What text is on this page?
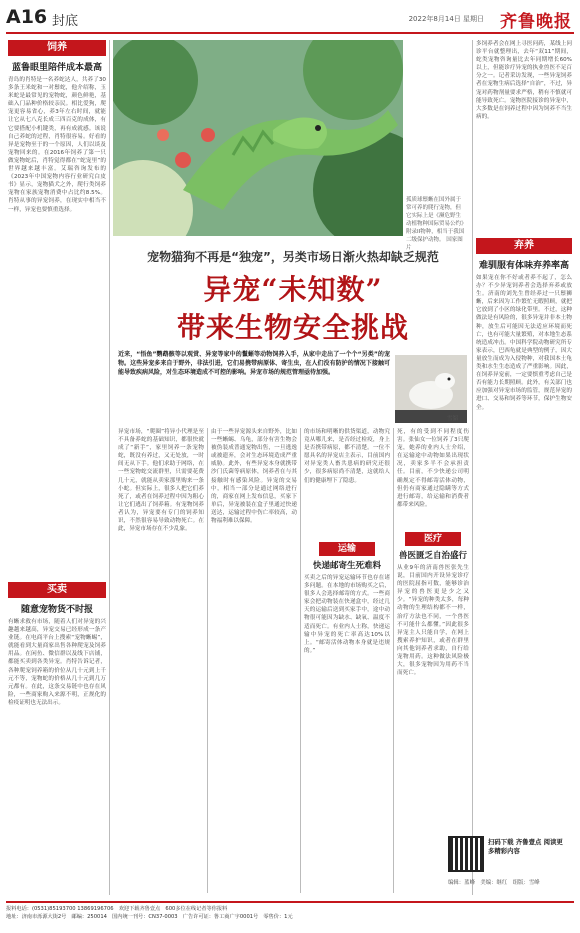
A16 封底	2022年8月14日 星期日 齐鲁晚报
饲养
蓝鲁眼里陪伴成本最高
青岛的肖特是一名养蛇达人，共养了30多条王米蛇和一对鬃蛇，他介绍称，玉米蛇是最常见的宠物蛇，颜色鲜艳，基础入门品种价格较亲民。相比爱狗，爬宠更容易省心，养3年左右时间，就能让它从七八克长成三四百克的成体，有它要搭配小机键类，再有成就感。该说自己养蛇的过程，肖特很容易。好看的异是宠物至于的一个原因，人们以谈及宠物回来的。在2016年饲养了第一只做宠物蛇后，肖特觉得都在“蛇宠里”的世界越来越丰富。艾瑞咨询发布的《2023年中国宠物内容行业研究白皮书》显示，宠物猫犬之外，爬行类饲养宠物在家族宠物消费中占比约8.5%。肖特从事的异宠饲养，在现实中相当不一样，异宠也要慎重选择。
买卖
随意宠物货不时报
有蜥求救有市场，随着人们对异宠的兴趣越来越高，异宠交易已经形成一条产业链。在电商平台上搜索“宠物蜥蜴”，就能看到大量商家出售各种爬宠及饲养用品。在闲鱼、微信群以及线下店铺，都能买卖到各类异宠。肖特告诉记者，各种爬宠饲养箱的价位从几十元到上千元不等，宠物蛇的价格从几十元到几万元都有。在此，这条交易链中也存在风险，一些商家购入来源不明，正规化的检疫证明也无法出示。
孤质球鬃蜥在国外属于常可养的爬行宠物，但它实际上是《濒危野生动植物种国际贸易公约》附录II物种，相当于我国二级保护动物。 国家图片
宠物猫狗不再是“独宠”，另类市场日渐火热却缺乏规范
异宠“未知数”
带来生物安全挑战
近来，“悟鱼”鹦鹉骸等以观赏、异宠等家中的鬣蜥等动物饲养入手，从家中走出了一个个“另类”的宠物。这些异宠多来自于野外，非法引进，它们易携带病原体、寄生虫，在人们没有防护的情况下接触可能导致疾病风险，对生态环境造成不可控的影响。异宠市场的规范管理亟待加强。
雪貂
异宠市场，“爬圈”将异小代理是至不具备养蛇的基础知识，都很快就成了“新手”，家里饲养一条宠物蛇，既没有养过，又无处放，一时间无从下手。他们求助于网络，在一些宠物蛇交流群里，只需要花费几十元，就能从卖家那里购来一条小蛇。但实际上，很多人把它们养死了，或者在饲养过程中因为粗心让它们逃出了饲养箱。有宠物饲养者认为，异宠要有专门的饲养知识，不然很容易导致动物死亡。在此，异宠市场存在不少乱象。
由于一些异宠源头来自野外，比如一些蜥蜴、乌龟，部分有害生物会被伪装成普通宠物出售，一旦逃逸或被遗弃，会对生态环境造成严重威胁。此外，有些异宠本身就携带沙门氏菌等病原体，饲养者在与其接触时有感染风险。异宠的交易中，相当一部分是通过网络进行的，商家在网上发布信息，买家下单后，异宠被装在盒子里通过快递送达，运输过程中伤亡率较高，动物福利难以保障。
的市场和明晰的供货渠道，动物究竟从哪儿来，是否经过检疫，身上是否携带病原，都不清楚。一位不愿具名的异宠店主表示，目前国内对异宠类人畜共患病的研究还很少，很多病原尚不清楚，这就给人们的健康埋下了隐患。
运输
快递邮寄生死难料
买卖之后的异宠运输环节也存在诸多问题。在本地的市场购买之后，很多人会选择邮寄的方式。一些商家会把动物装在快递盒中，经过几天的运输后送到买家手中，途中动物很可能因为缺水、缺氧、温度不适而死亡。有业内人士称，快递运输中异宠的死亡率高达10%以上。“邮寄活体动物本身就是违规的。”
死，有的受到不同程度伤害。张仙女一位饲养了3只爬宠，她养的业内人士介绍，在运输途中动物如果出现状况，卖家多半不会承担责任。目前，不少快递公司明确规定不得邮寄活体动物，但仍有商家通过隐瞒等方式进行邮寄，给运输和消费者都带来风险。
医疗
兽医匮乏自治盛行
从业9年的济南兽医张先生说，目前国内开设异宠诊疗的医院屈指可数，能够诊治异宠的兽医更是少之又少。“异宠的种类太多，每种动物的生理结构都不一样，治疗方法也不同，一个兽医不可能什么都懂。”因此很多异宠主人只能自学，在网上搜索养护知识，或者在群里向其他饲养者求助，自行给宠物用药。这种做法风险极大，很多宠物因为用药不当而死亡。
多饲养者会在网上寻医问药，某线上问诊平台就整理出，去年“双11”期间，蛇类宠物咨询量比去年同期增长60%以上，但能诊疗异宠的执业兽医不足百分之一。记者采访发现，一些异宠饲养者在宠物生病后选择“自治”，不过，异宠对药物剂量要求严格，稍有不慎就可能导致死亡。宠物医院接诊的异宠中，大多数是在饲养过程中因为饲养不当生病的。
弃养
难驯服有体味弃养率高
如果宠在你不好或者养不起了，怎么办？不少异宠饲养者会选择弃养或放生。济南的刘先生曾经养过一只鬃狮蜥，后来因为工作繁忙无暇照顾，就把它放到了小区的绿化带里。不过，这种做法是有风险的，很多异宠并非本土物种，放生后可能因无法适应环境而死亡，也有可能大量繁殖，对本地生态系统造成冲击。中国科学院动物研究所专家表示，巴西龟就是典型的例子，因大量放生而成为入侵物种，对我国本土龟类和水生生态造成了严重影响。因此，在饲养异宠前，一定要慎重考虑自己是否有能力长期照顾。此外，有关部门也应加强对异宠市场的监管，规范异宠的进口、交易和饲养等环节，保护生物安全。
扫码下载 齐鲁壹点 阅读更多精彩内容
编辑：蓝峰　美编：继红　组版：雪峰
报料电话：(0531)85193700 13869196706　欢迎下载齐鲁壹点　600多位在线记者等你报料
地址：济南市泺源大街2号　邮编：250014　国内统一刊号：CN37-0003　广告许可证：鲁工商广字0001号　零售价：1元
